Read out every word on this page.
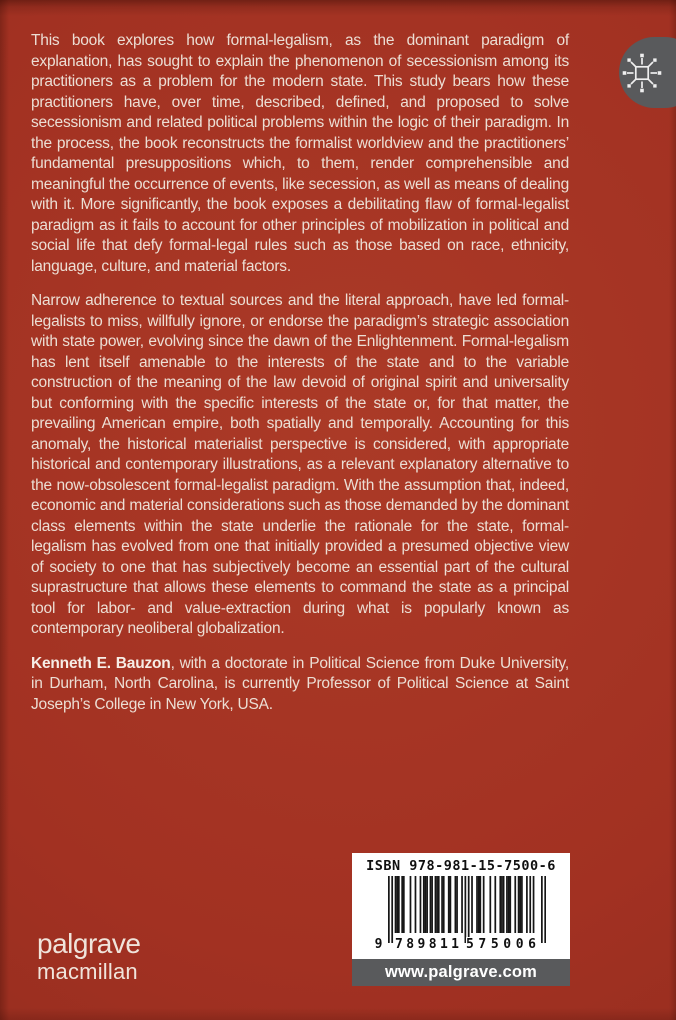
This book explores how formal-legalism, as the dominant paradigm of explanation, has sought to explain the phenomenon of secessionism among its practitioners as a problem for the modern state. This study bears how these practitioners have, over time, described, defined, and proposed to solve secessionism and related political problems within the logic of their paradigm. In the process, the book reconstructs the formalist worldview and the practitioners’ fundamental presuppositions which, to them, render comprehensible and meaningful the occurrence of events, like secession, as well as means of dealing with it. More significantly, the book exposes a debilitating flaw of formal-legalist paradigm as it fails to account for other principles of mobilization in political and social life that defy formal-legal rules such as those based on race, ethnicity, language, culture, and material factors.

Narrow adherence to textual sources and the literal approach, have led formal-legalists to miss, willfully ignore, or endorse the paradigm’s strategic association with state power, evolving since the dawn of the Enlightenment. Formal-legalism has lent itself amenable to the interests of the state and to the variable construction of the meaning of the law devoid of original spirit and universality but conforming with the specific interests of the state or, for that matter, the prevailing American empire, both spatially and temporally. Accounting for this anomaly, the historical materialist perspective is considered, with appropriate historical and contemporary illustrations, as a relevant explanatory alternative to the now-obsolescent formal-legalist paradigm. With the assumption that, indeed, economic and material considerations such as those demanded by the dominant class elements within the state underlie the rationale for the state, formal-legalism has evolved from one that initially provided a presumed objective view of society to one that has subjectively become an essential part of the cultural suprastructure that allows these elements to command the state as a principal tool for labor- and value-extraction during what is popularly known as contemporary neoliberal globalization.

Kenneth E. Bauzon, with a doctorate in Political Science from Duke University, in Durham, North Carolina, is currently Professor of Political Science at Saint Joseph’s College in New York, USA.

ISBN 978-981-15-7500-6
9 7 8 9 8 1 1 5 7 5 0 0 6
www.palgrave.com
palgrave
macmillan
